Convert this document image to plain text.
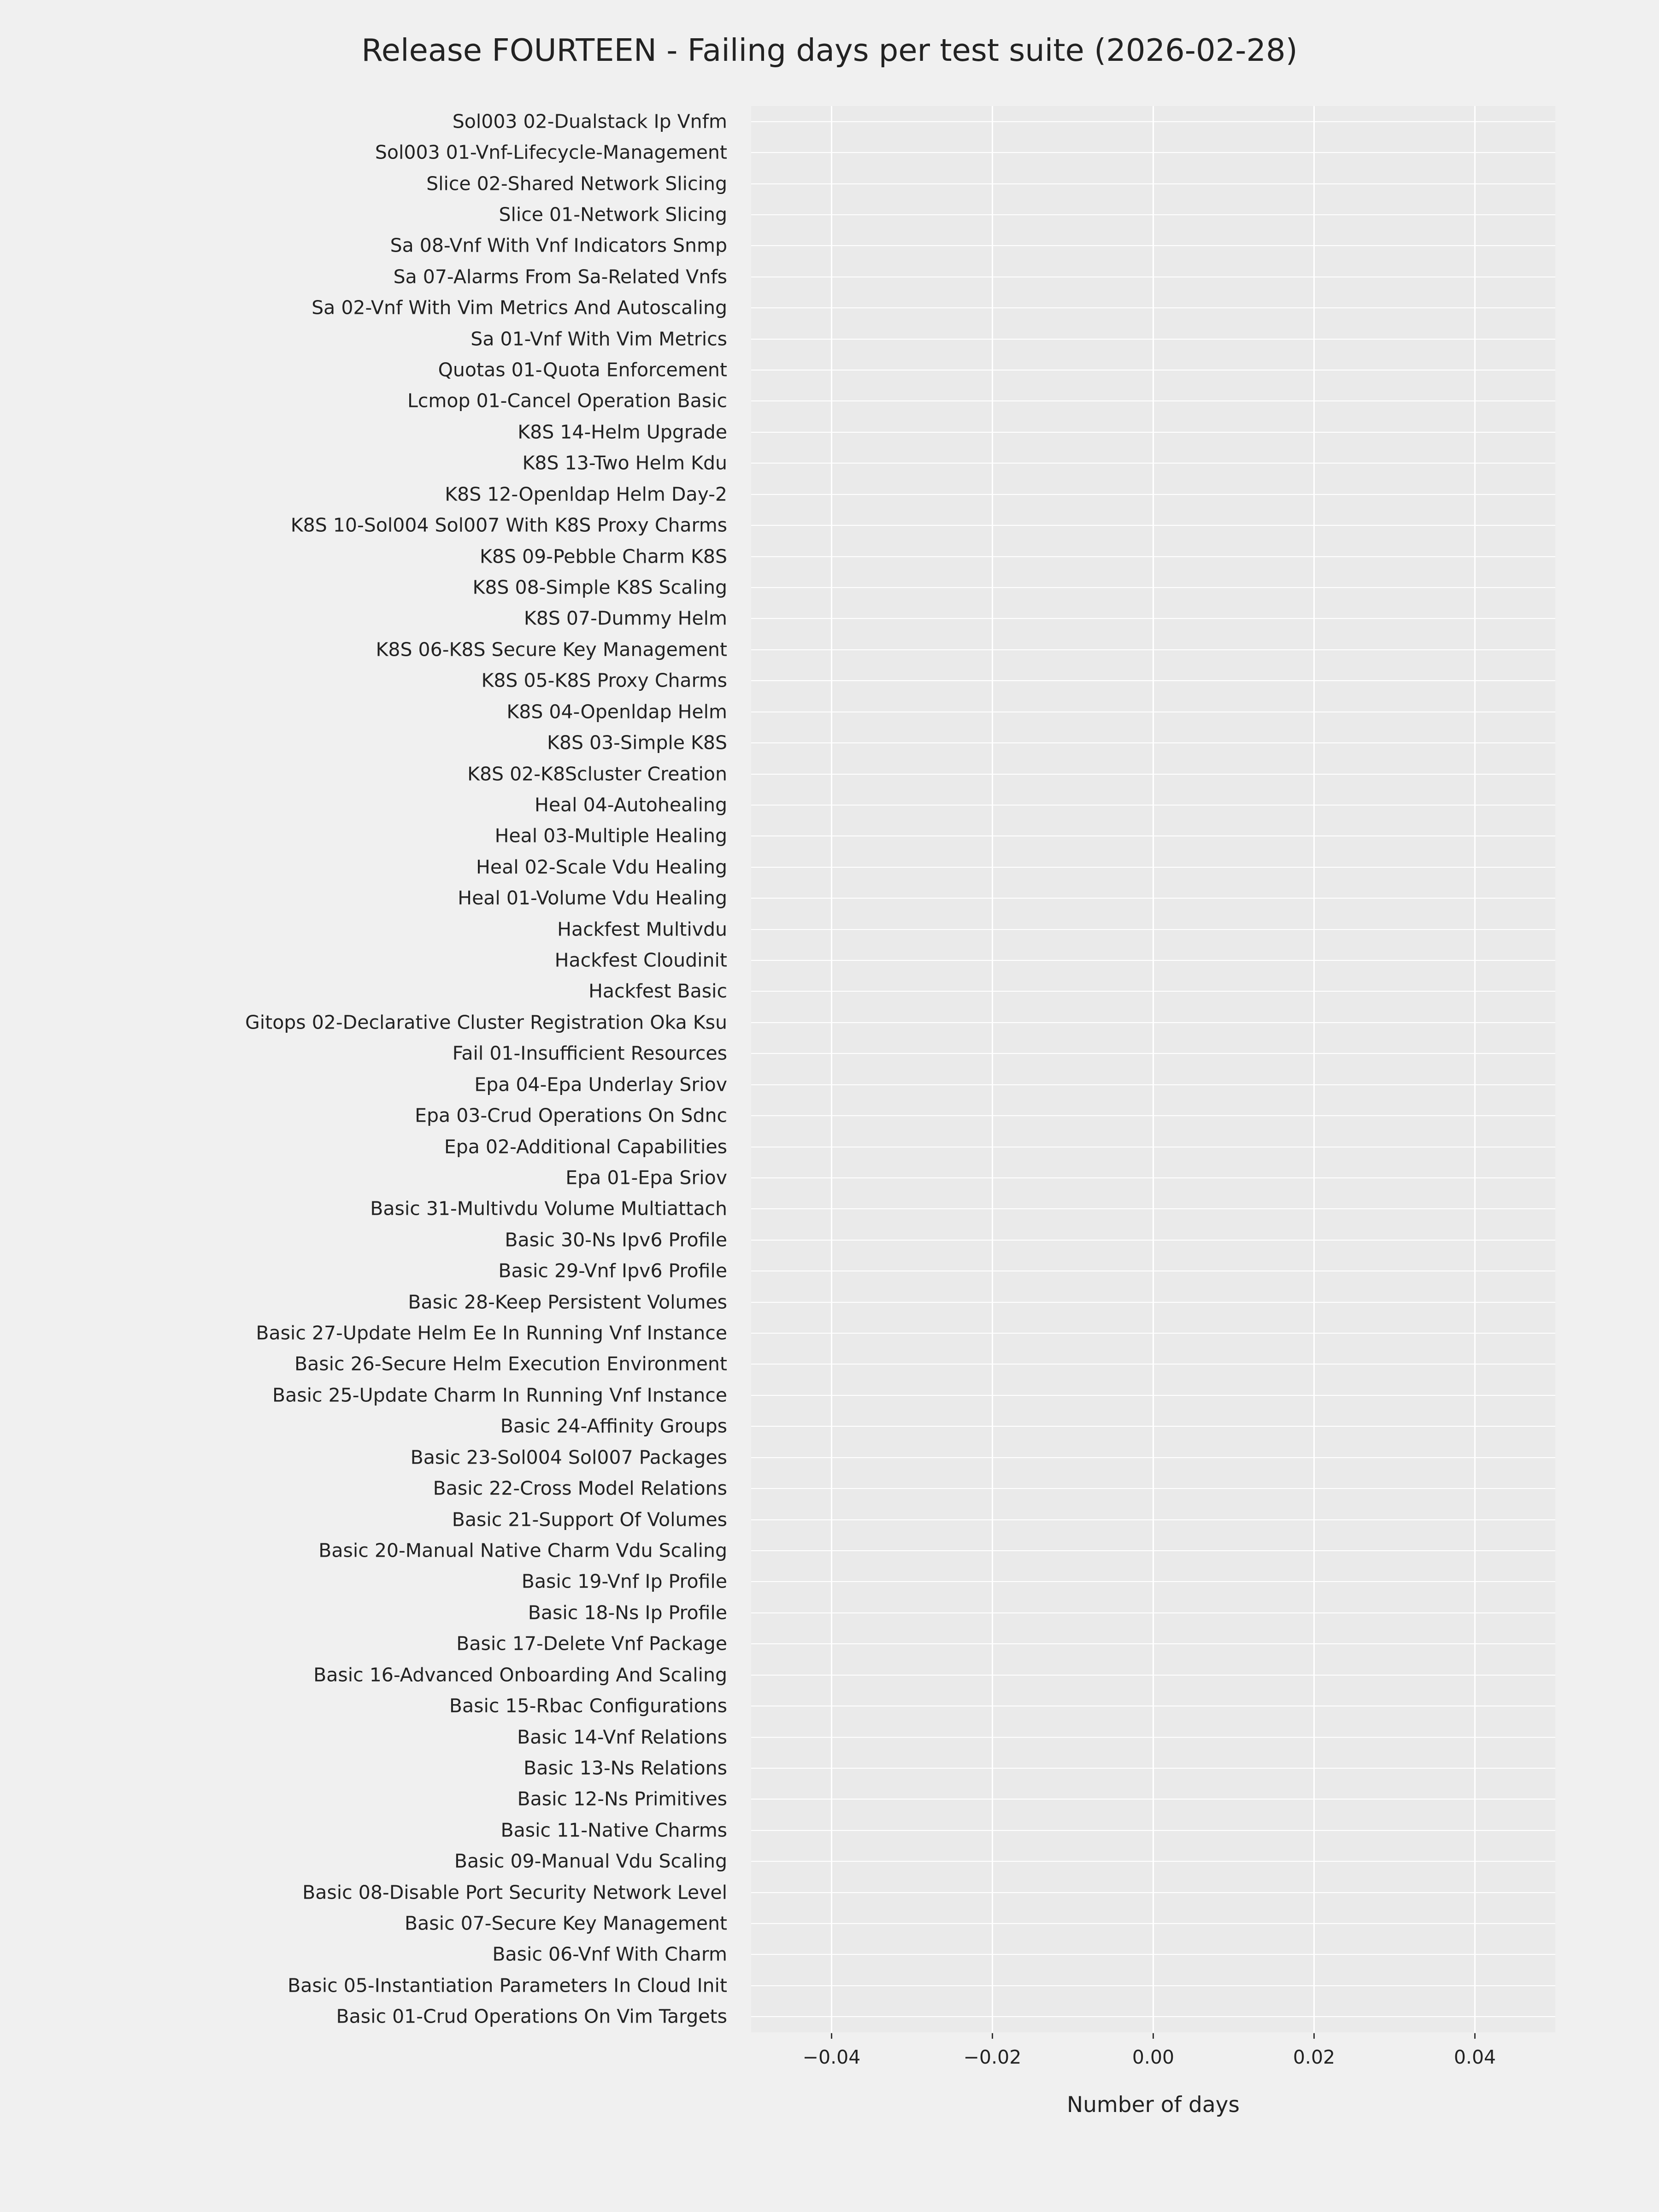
Release FOURTEEN - Failing days per test suite (2026-02-28)
Basic 01-Crud Operations On Vim Targets
Basic 05-Instantiation Parameters In Cloud Init
Basic 06-Vnf With Charm
Basic 07-Secure Key Management
Basic 08-Disable Port Security Network Level
Basic 09-Manual Vdu Scaling
Basic 11-Native Charms
Basic 12-Ns Primitives
Basic 13-Ns Relations
Basic 14-Vnf Relations
Basic 15-Rbac Configurations
Basic 16-Advanced Onboarding And Scaling
Basic 17-Delete Vnf Package
Basic 18-Ns Ip Profile
Basic 19-Vnf Ip Profile
Basic 20-Manual Native Charm Vdu Scaling
Basic 21-Support Of Volumes
Basic 22-Cross Model Relations
Basic 23-Sol004 Sol007 Packages
Basic 24-Affinity Groups
Basic 25-Update Charm In Running Vnf Instance
Basic 26-Secure Helm Execution Environment
Basic 27-Update Helm Ee In Running Vnf Instance
Basic 28-Keep Persistent Volumes
Basic 29-Vnf Ipv6 Profile
Basic 30-Ns Ipv6 Profile
Basic 31-Multivdu Volume Multiattach
Epa 01-Epa Sriov
Epa 02-Additional Capabilities
Epa 03-Crud Operations On Sdnc
Epa 04-Epa Underlay Sriov
Fail 01-Insufficient Resources
Gitops 02-Declarative Cluster Registration Oka Ksu
Hackfest Basic
Hackfest Cloudinit
Hackfest Multivdu
Heal 01-Volume Vdu Healing
Heal 02-Scale Vdu Healing
Heal 03-Multiple Healing
Heal 04-Autohealing
K8S 02-K8Scluster Creation
K8S 03-Simple K8S
K8S 04-Openldap Helm
K8S 05-K8S Proxy Charms
K8S 06-K8S Secure Key Management
K8S 07-Dummy Helm
K8S 08-Simple K8S Scaling
K8S 09-Pebble Charm K8S
K8S 10-Sol004 Sol007 With K8S Proxy Charms
K8S 12-Openldap Helm Day-2
K8S 13-Two Helm Kdu
K8S 14-Helm Upgrade
Lcmop 01-Cancel Operation Basic
Quotas 01-Quota Enforcement
Sa 01-Vnf With Vim Metrics
Sa 02-Vnf With Vim Metrics And Autoscaling
Sa 07-Alarms From Sa-Related Vnfs
Sa 08-Vnf With Vnf Indicators Snmp
Slice 01-Network Slicing
Slice 02-Shared Network Slicing
Sol003 01-Vnf-Lifecycle-Management
Sol003 02-Dualstack Ip Vnfm
Number of days
−0.04	−0.02	0.00	0.02	0.04
